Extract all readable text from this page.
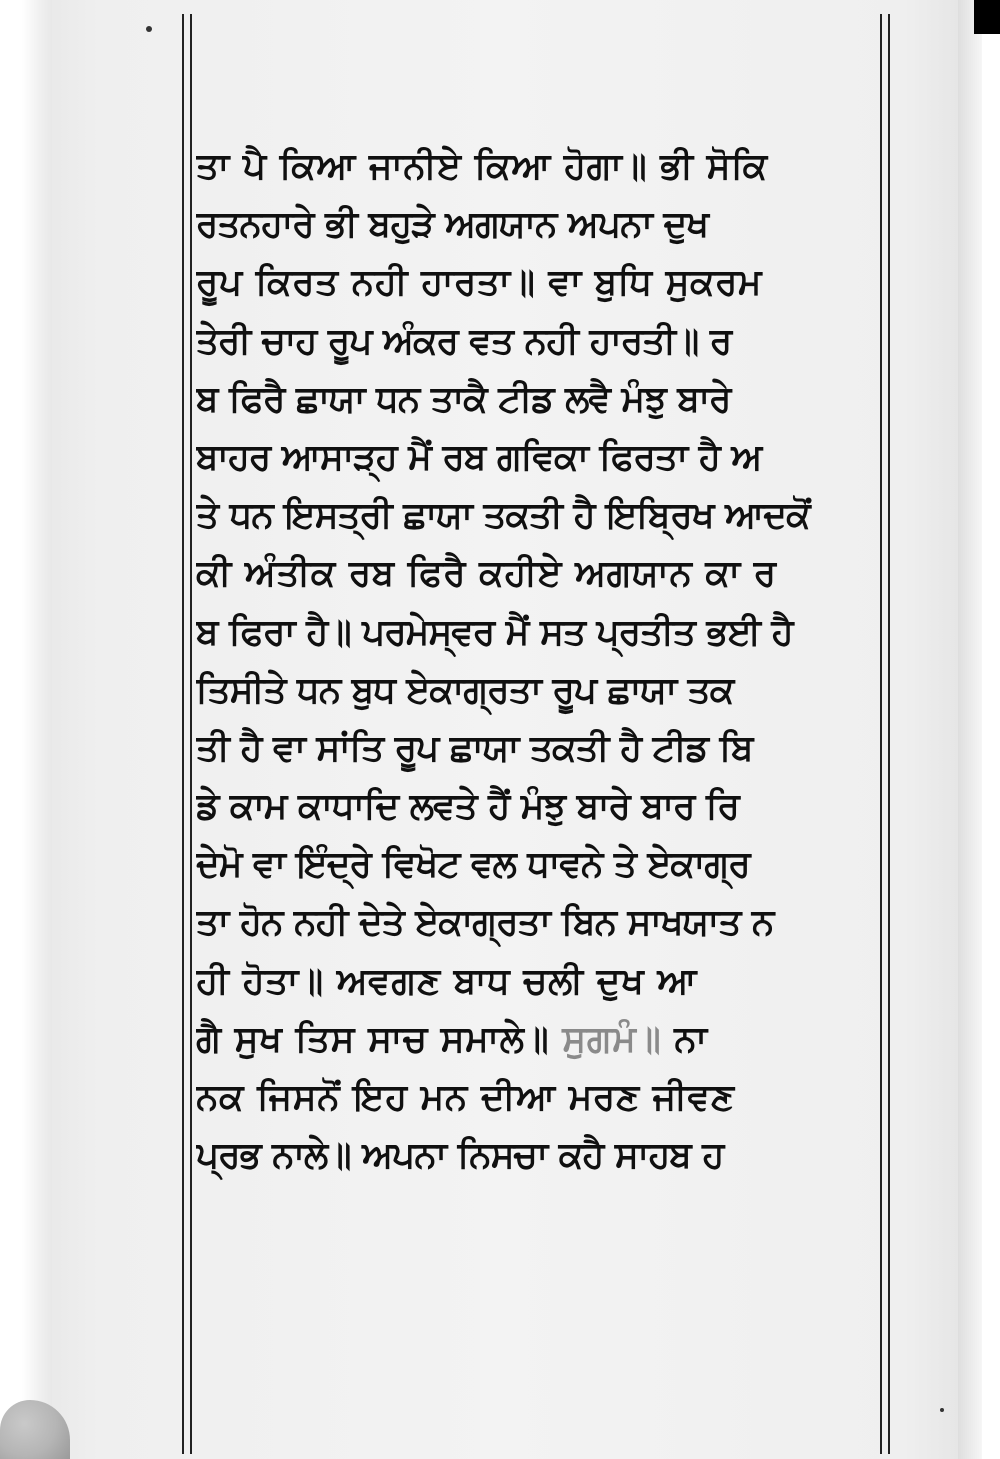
ਤਾ ਪੈ ਕਿਆ ਜਾਨੀਏ ਕਿਆ ਹੋਗਾ॥ ਭੀ ਸੋਕਿ
ਰਤਨਹਾਰੇ ਭੀ ਬਹੁੜੇ ਅਗਯਾਨ ਅਪਨਾ ਦੁਖ
ਰੂਪ ਕਿਰਤ ਨਹੀ ਹਾਰਤਾ॥ ਵਾ ਬੁਧਿ ਸੁਕਰਮ
ਤੇਰੀ ਚਾਹ ਰੂਪ ਅੰਕਰ ਵਤ ਨਹੀ ਹਾਰਤੀ॥ ਰ
ਬ ਫਿਰੈ ਛਾਯਾ ਧਨ ਤਾਕੈ ਟੀਡ ਲਵੈ ਮੰਝੁ ਬਾਰੇ
ਬਾਹਰ ਆਸਾੜ੍ਹ ਮੈਂ ਰਬ ਗਵਿਕਾ ਫਿਰਤਾ ਹੈ ਅ
ਤੇ ਧਨ ਇਸਤ੍ਰੀ ਛਾਯਾ ਤਕਤੀ ਹੈ ਇਬ੍ਰਿਖ ਆਦਕੋਂ
ਕੀ ਅੰਤੀਕ ਰਬ ਫਿਰੈ ਕਹੀਏ ਅਗਯਾਨ ਕਾ ਰ
ਬ ਫਿਰਾ ਹੈ॥ ਪਰਮੇਸ੍ਵਰ ਮੈਂ ਸਤ ਪ੍ਰਤੀਤ ਭਈ ਹੈ
ਤਿਸੀਤੇ ਧਨ ਬੁਧ ਏਕਾਗ੍ਰਤਾ ਰੂਪ ਛਾਯਾ ਤਕ
ਤੀ ਹੈ ਵਾ ਸਾਂਤਿ ਰੂਪ ਛਾਯਾ ਤਕਤੀ ਹੈ ਟੀਡ ਬਿ
ਡੇ ਕਾਮ ਕਾਧਾਦਿ ਲਵਤੇ ਹੈਂ ਮੰਝੁ ਬਾਰੇ ਬਾਰ ਰਿ
ਦੇਮੋ ਵਾ ਇੰਦ੍ਰੇ ਵਿਖੋਟ ਵਲ ਧਾਵਨੇ ਤੇ ਏਕਾਗ੍ਰ
ਤਾ ਹੋਨ ਨਹੀ ਦੇਤੇ ਏਕਾਗ੍ਰਤਾ ਬਿਨ ਸਾਖਯਾਤ ਨ
ਹੀ ਹੋਤਾ॥ ਅਵਗਣ ਬਾਧ ਚਲੀ ਦੁਖ ਆ
ਗੈ ਸੁਖ ਤਿਸ ਸਾਚ ਸਮਾਲੇ॥ ਸੁਗਮੰ॥ ਨਾ
ਨਕ ਜਿਸਨੋਂ ਇਹ ਮਨ ਦੀਆ ਮਰਣ ਜੀਵਣ
ਪ੍ਰਭ ਨਾਲੇ॥ ਅਪਨਾ ਨਿਸਚਾ ਕਹੈ ਸਾਹਬ ਹ
